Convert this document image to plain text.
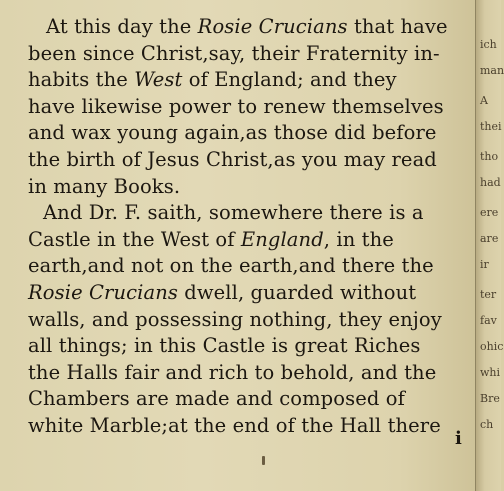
At this day the Rosie Crucians that have
been since Christ,say, their Fraternity in-
habits the West of England; and they
have likewise power to renew themselves
and wax young again,as those did before
the birth of Jesus Christ,as you may read
in many Books.
And Dr. F. saith, somewhere there is a
Castle in the West of England, in the
earth,and not on the earth,and there the
Rosie Crucians dwell, guarded without
walls, and possessing nothing, they enjoy
all things; in this Castle is great Riches
the Halls fair and rich to behold, and the
Chambers are made and composed of
white Marble;at the end of the Hall there
ich
man
A
thei
tho
had
ere
are
ir
ter
fav
ohic
whi
Bre
ch
i
